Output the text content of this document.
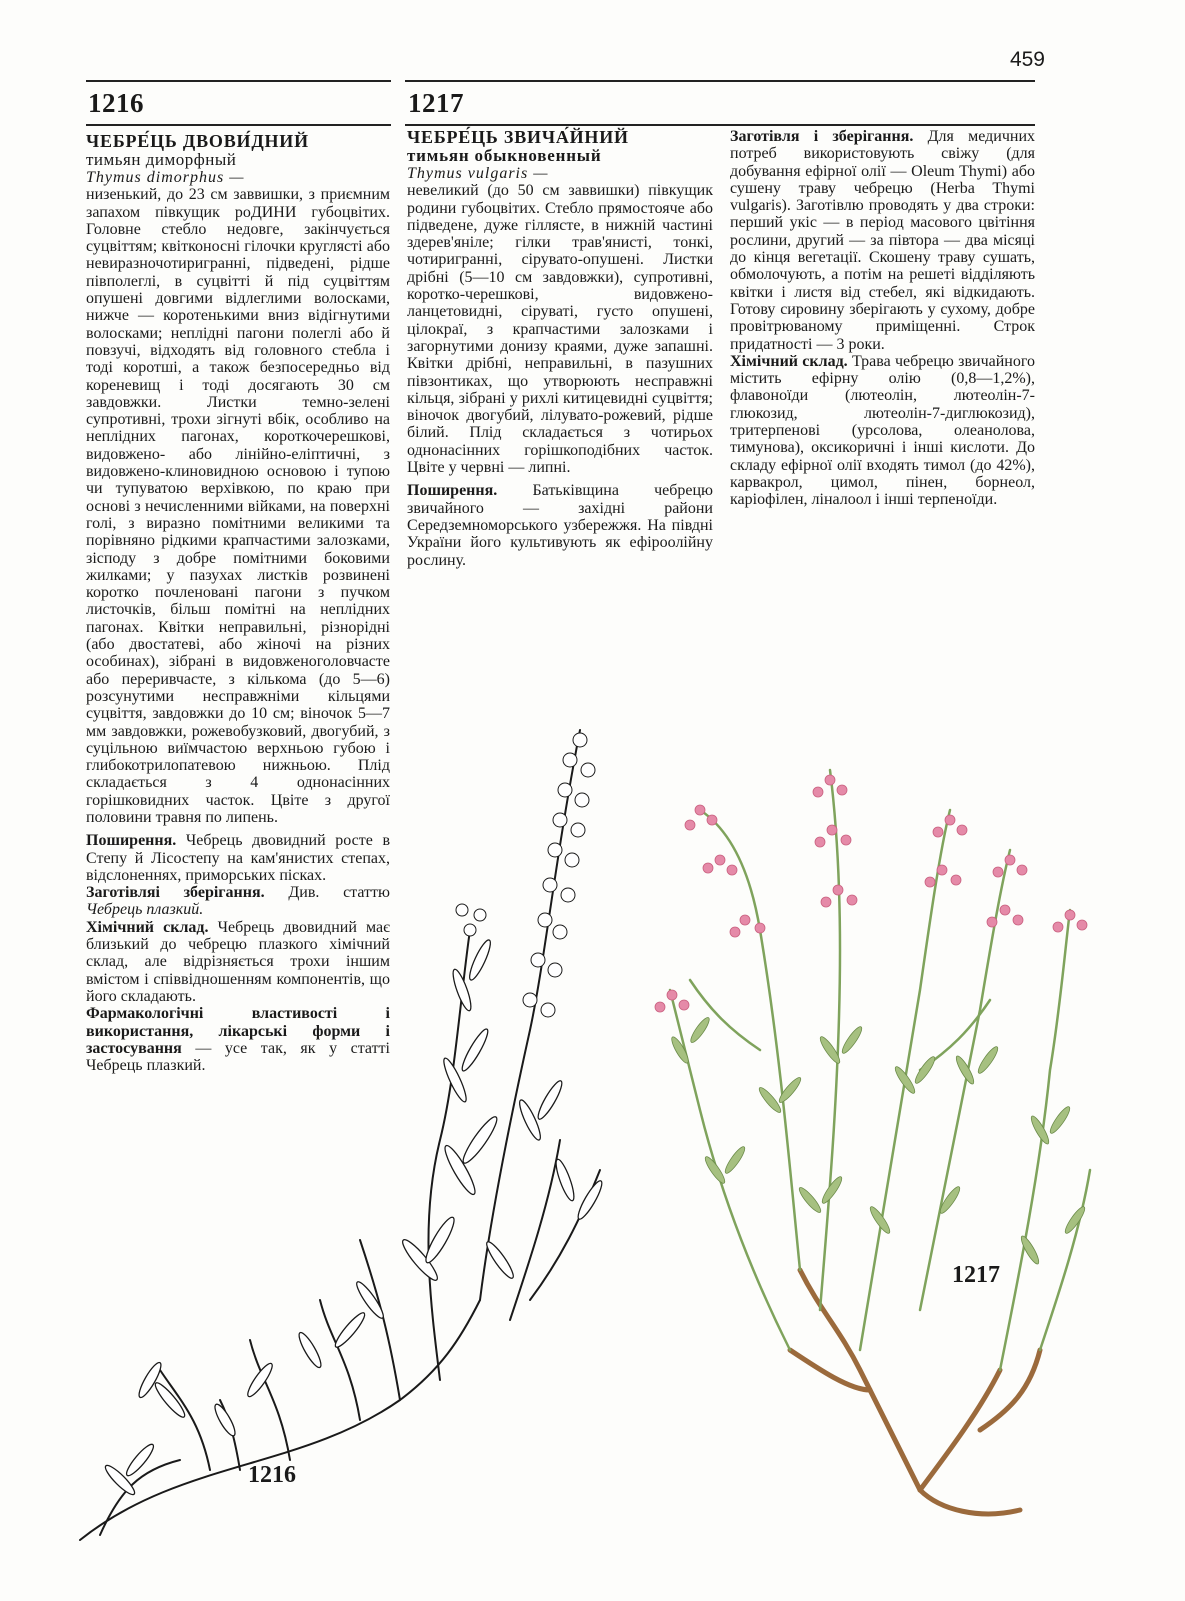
459
1216	1217

ЧЕБРЕ́ЦЬ ДВОВИ́ДНИЙ

тимьян диморфный

Thymus dimorphus —

низенький, до 23 см заввишки, з приємним запахом півкущик роДИНИ губоцвітих. Головне стебло недовге, закінчується суцвіттям; квітконосні гілочки круглясті або невиразночотиригранні, підведені, рідше півполеглі, в суцвітті й під суцвіттям опушені довгими відлеглими волосками, нижче — коротенькими вниз відігнутими волосками; неплідні пагони полеглі або й повзучі, відходять від головного стебла і тоді коротші, а також безпосередньо від кореневищ і тоді досягають 30 см завдовжки. Листки темно-зелені супротивні, трохи зігнуті вбік, особливо на неплідних пагонах, короткочерешкові, видовжено- або лінійно-еліптичні, з видовжено-клиновидною основою і тупою чи тупуватою верхівкою, по краю при основі з нечисленними війками, на поверхні голі, з виразно помітними великими та порівняно рідкими крапчастими залозками, зісподу з добре помітними боковими жилками; у пазухах листків розвинені коротко почленовані пагони з пучком листочків, більш помітні на неплідних пагонах. Квітки неправильні, різнорідні (або двостатеві, або жіночі на різних особинах), зібрані в видовженоголовчасте або переривчасте, з кількома (до 5—6) розсунутими несправжніми кільцями суцвіття, завдовжки до 10 см; віночок 5—7 мм завдовжки, рожевобузковий, двогубий, з суцільною виїмчастою верхньою губою і глибокотрилопатевою нижньою. Плід складається з 4 однонасінних горішковидних часток. Цвіте з другої половини травня по липень.

Поширення. Чебрець двовидний росте в Степу й Лісостепу на кам'янистих степах, відслоненнях, приморських пісках.

Заготівляі зберігання. Див. статтю Чебрець плазкий.

Хімічний склад. Чебрець двовидний має близький до чебрецю плазкого хімічний склад, але відрізняється трохи іншим вмістом і співвідношенням компонентів, що його складають.

Фармакологічні властивості і використання, лікарські форми і застосування — усе так, як у статті Чебрець плазкий.

ЧЕБРЕ́ЦЬ ЗВИЧА́ЙНИЙ

тимьян обыкновенный

Thymus vulgaris —

невеликий (до 50 см заввишки) півкущик родини губоцвітих. Стебло прямостояче або підведене, дуже гіллясте, в нижній частині здерев'яніле; гілки трав'янисті, тонкі, чотиригранні, сірувато-опушені. Листки дрібні (5—10 см завдовжки), супротивні, коротко-черешкові, видовжено-ланцетовидні, сіруваті, густо опушені, цілокраї, з крапчастими залозками і загорнутими донизу краями, дуже запашні. Квітки дрібні, неправильні, в пазушних півзонтиках, що утворюють несправжні кільця, зібрані у рихлі китицевидні суцвіття; віночок двогубий, лілувато-рожевий, рідше білий. Плід складається з чотирьох однонасінних горішкоподібних часток. Цвіте у червні — липні.

Поширення. Батьківщина чебрецю звичайного — західні райони Середземноморського узбережжя. На півдні України його культивують як ефіроолійну рослину.

Заготівля і зберігання. Для медичних потреб використовують свіжу (для добування ефірної олії — Oleum Thymi) або сушену траву чебрецю (Herba Thymi vulgaris). Заготівлю проводять у два строки: перший укіс — в період масового цвітіння рослини, другий — за півтора — два місяці до кінця вегетації. Скошену траву сушать, обмолочують, а потім на решеті відділяють квітки і листя від стебел, які відкидають. Готову сировину зберігають у сухому, добре провітрюваному приміщенні. Строк придатності — 3 роки.

Хімічний склад. Трава чебрецю звичайного містить ефірну олію (0,8—1,2%), флавоноїди (лютеолін, лютеолін-7-глюкозид, лютеолін-7-диглюкозид), тритерпенові (урсолова, олеанолова, тимунова), оксикоричні і інші кислоти. До складу ефірної олії входять тимол (до 42%), карвакрол, цимол, пінен, борнеол, каріофілен, ліналоол і інші терпеноїди.

1216
1217
